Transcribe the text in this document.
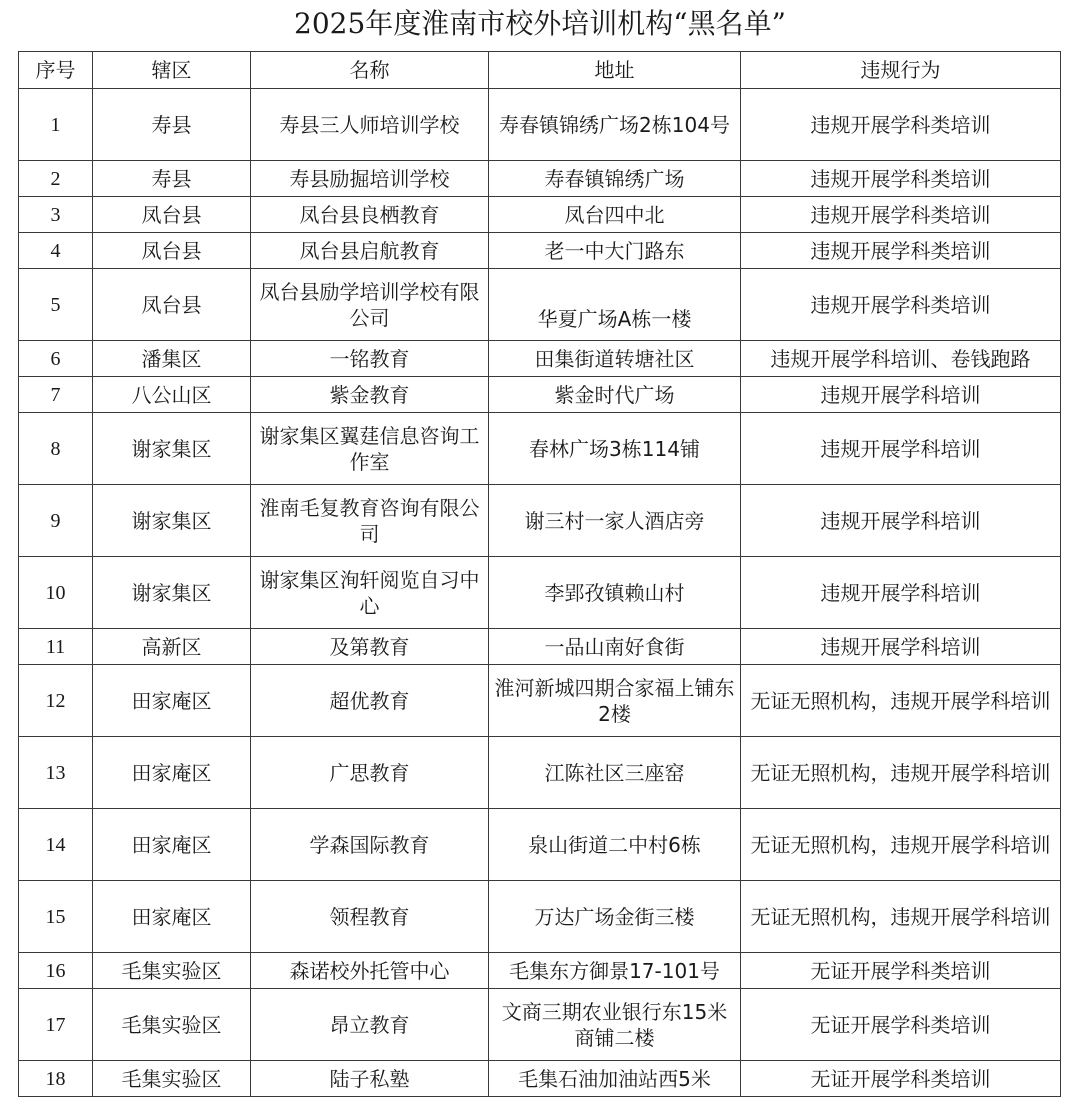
2025年度淮南市校外培训机构“黑名单”
序号	辖区	名称	地址	违规行为
1	寿县	寿县三人师培训学校	寿春镇锦绣广场2栋104号	违规开展学科类培训
2	寿县	寿县励掘培训学校	寿春镇锦绣广场	违规开展学科类培训
3	凤台县	凤台县良栖教育	凤台四中北	违规开展学科类培训
4	凤台县	凤台县启航教育	老一中大门路东	违规开展学科类培训
5	凤台县	凤台县励学培训学校有限公司	华夏广场A栋一楼	违规开展学科类培训
6	潘集区	一铭教育	田集街道转塘社区	违规开展学科培训、卷钱跑路
7	八公山区	紫金教育	紫金时代广场	违规开展学科培训
8	谢家集区	谢家集区翼莛信息咨询工作室	春林广场3栋114铺	违规开展学科培训
9	谢家集区	淮南毛复教育咨询有限公司	谢三村一家人酒店旁	违规开展学科培训
10	谢家集区	谢家集区洵轩阅览自习中心	李郢孜镇赖山村	违规开展学科培训
11	高新区	及第教育	一品山南好食街	违规开展学科培训
12	田家庵区	超优教育	淮河新城四期合家福上铺东2楼	无证无照机构，违规开展学科培训
13	田家庵区	广思教育	江陈社区三座窑	无证无照机构，违规开展学科培训
14	田家庵区	学森国际教育	泉山街道二中村6栋	无证无照机构，违规开展学科培训
15	田家庵区	领程教育	万达广场金街三楼	无证无照机构，违规开展学科培训
16	毛集实验区	森诺校外托管中心	毛集东方御景17-101号	无证开展学科类培训
17	毛集实验区	昂立教育	文商三期农业银行东15米商铺二楼	无证开展学科类培训
18	毛集实验区	陆子私塾	毛集石油加油站西5米	无证开展学科类培训
